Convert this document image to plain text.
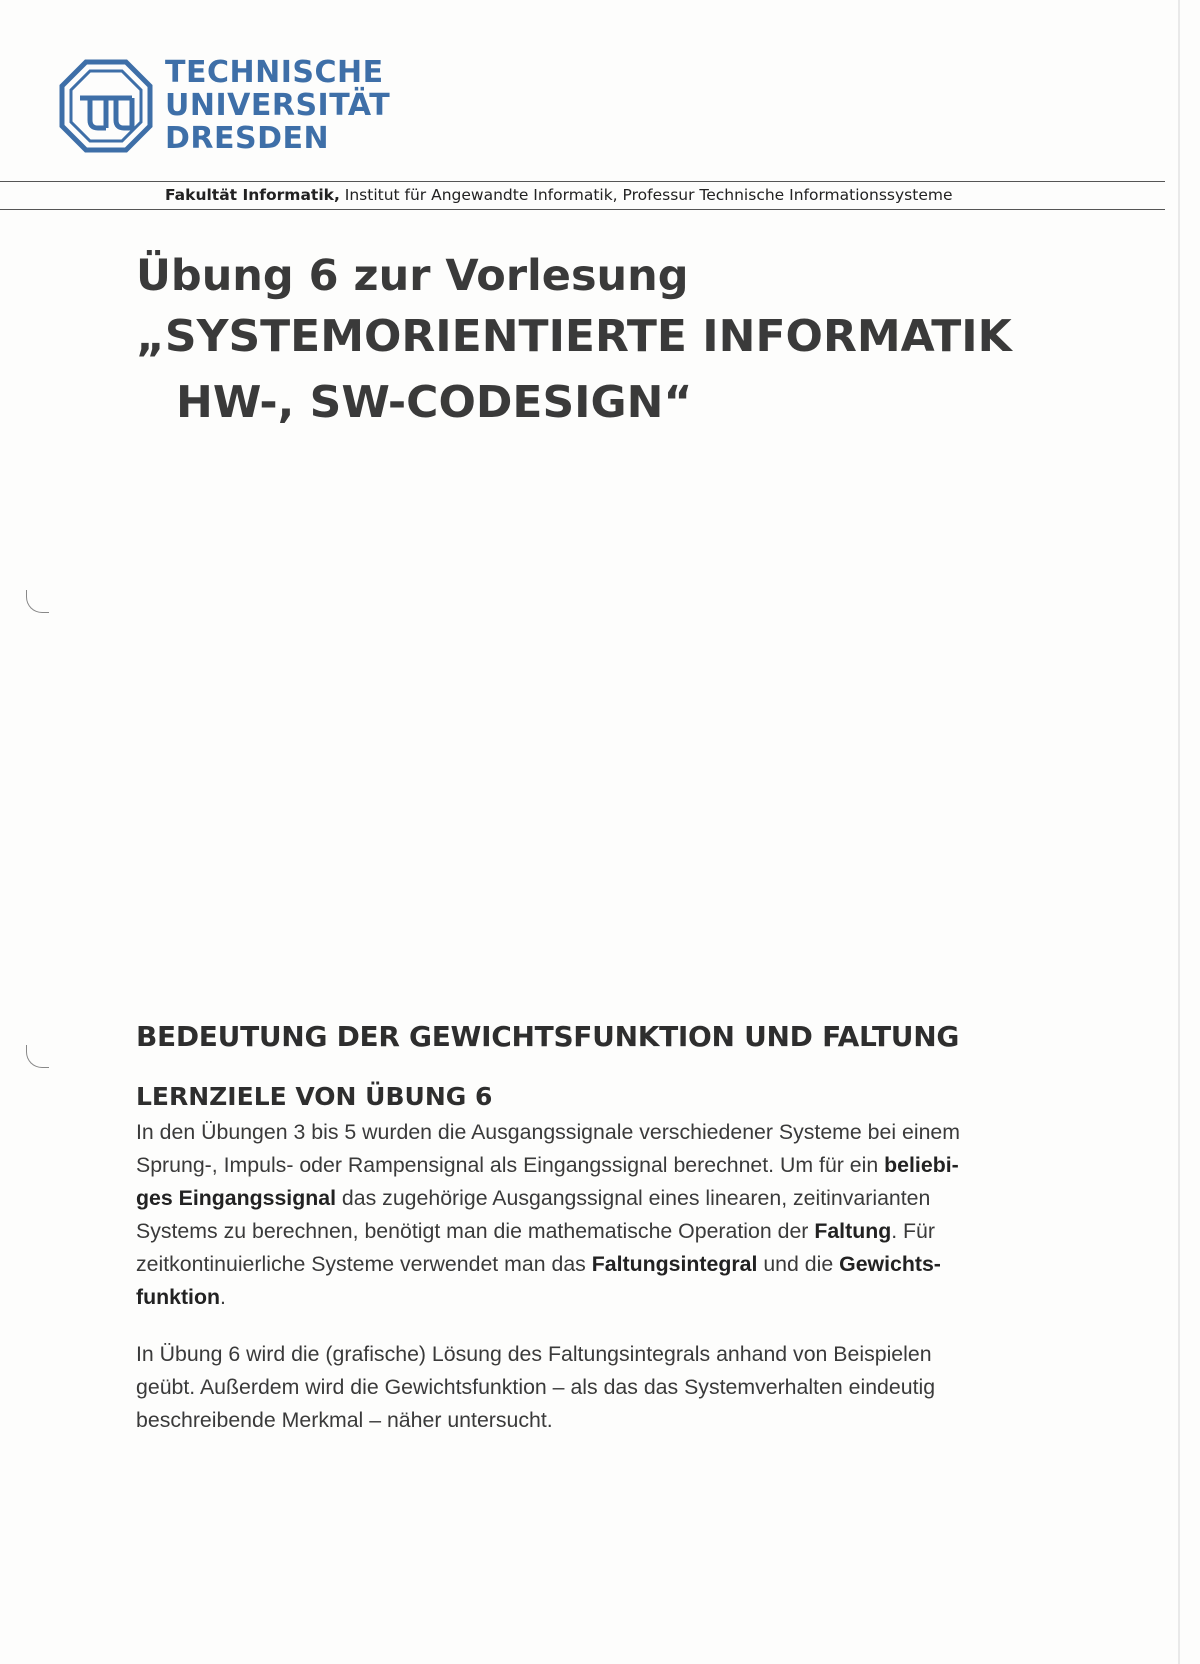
TECHNISCHE
UNIVERSITÄT
DRESDEN
Fakultät Informatik, Institut für Angewandte Informatik, Professur Technische Informationssysteme
Übung 6 zur Vorlesung
„SYSTEMORIENTIERTE INFORMATIK
HW-, SW-CODESIGN“
BEDEUTUNG DER GEWICHTSFUNKTION UND FALTUNG
LERNZIELE VON ÜBUNG 6
In den Übungen 3 bis 5 wurden die Ausgangssignale verschiedener Systeme bei einem
Sprung-, Impuls- oder Rampensignal als Eingangssignal berechnet. Um für ein beliebi-
ges Eingangssignal das zugehörige Ausgangssignal eines linearen, zeitinvarianten
Systems zu berechnen, benötigt man die mathematische Operation der Faltung. Für
zeitkontinuierliche Systeme verwendet man das Faltungsintegral und die Gewichts-
funktion.
In Übung 6 wird die (grafische) Lösung des Faltungsintegrals anhand von Beispielen
geübt. Außerdem wird die Gewichtsfunktion – als das das Systemverhalten eindeutig
beschreibende Merkmal – näher untersucht.
